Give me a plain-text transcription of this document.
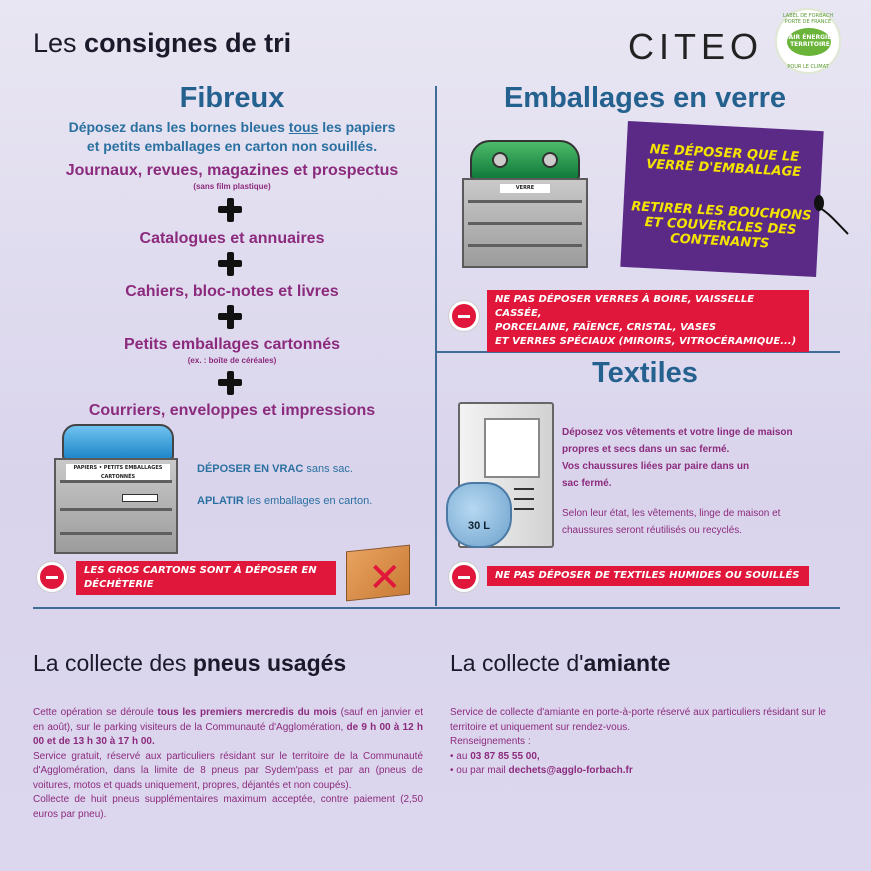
Les consignes de tri	CITEO
LABEL DE FORBACH PORTE DE FRANCE
AIR ÉNERGIE TERRITOIRE
POUR LE CLIMAT
Fibreux
Déposez dans les bornes bleues tous les papiers
et petits emballages en carton non souillés.
Journaux, revues, magazines et prospectus
(sans film plastique)
Catalogues et annuaires
Cahiers, bloc-notes et livres
Petits emballages cartonnés
(ex. : boîte de céréales)
Courriers, enveloppes et impressions
PAPIERS • PETITS EMBALLAGES CARTONNÉS
DÉPOSER EN VRAC sans sac.
APLATIR les emballages en carton.
LES GROS CARTONS SONT À DÉPOSER EN DÉCHÈTERIE	✕
Emballages en verre
VERRE
NE DÉPOSER QUE LE VERRE D'EMBALLAGE
RETIRER LES BOUCHONS ET COUVERCLES DES CONTENANTS
NE PAS DÉPOSER VERRES À BOIRE, VAISSELLE CASSÉE,
PORCELAINE, FAÏENCE, CRISTAL, VASES
ET VERRES SPÉCIAUX (MIROIRS, VITROCÉRAMIQUE...)
Textiles
30 L
Déposez vos vêtements et votre linge de maison propres et secs dans un sac fermé.
Vos chaussures liées par paire dans un sac fermé.
Selon leur état, les vêtements, linge de maison et chaussures seront réutilisés ou recyclés.
NE PAS DÉPOSER DE TEXTILES HUMIDES OU SOUILLÉS
La collecte des pneus usagés
Cette opération se déroule tous les premiers mercredis du mois (sauf en janvier et en août), sur le parking visiteurs de la Communauté d'Agglomération, de 9 h 00 à 12 h 00 et de 13 h 30 à 17 h 00.
Service gratuit, réservé aux particuliers résidant sur le territoire de la Communauté d'Agglomération, dans la limite de 8 pneus par Sydem'pass et par an (pneus de voitures, motos et quads uniquement, propres, déjantés et non coupés).
Collecte de huit pneus supplémentaires maximum acceptée, contre paiement (2,50 euros par pneu).
La collecte d'amiante
Service de collecte d'amiante en porte-à-porte réservé aux particuliers résidant sur le territoire et uniquement sur rendez-vous.
Renseignements :
• au 03 87 85 55 00,
• ou par mail dechets@agglo-forbach.fr
